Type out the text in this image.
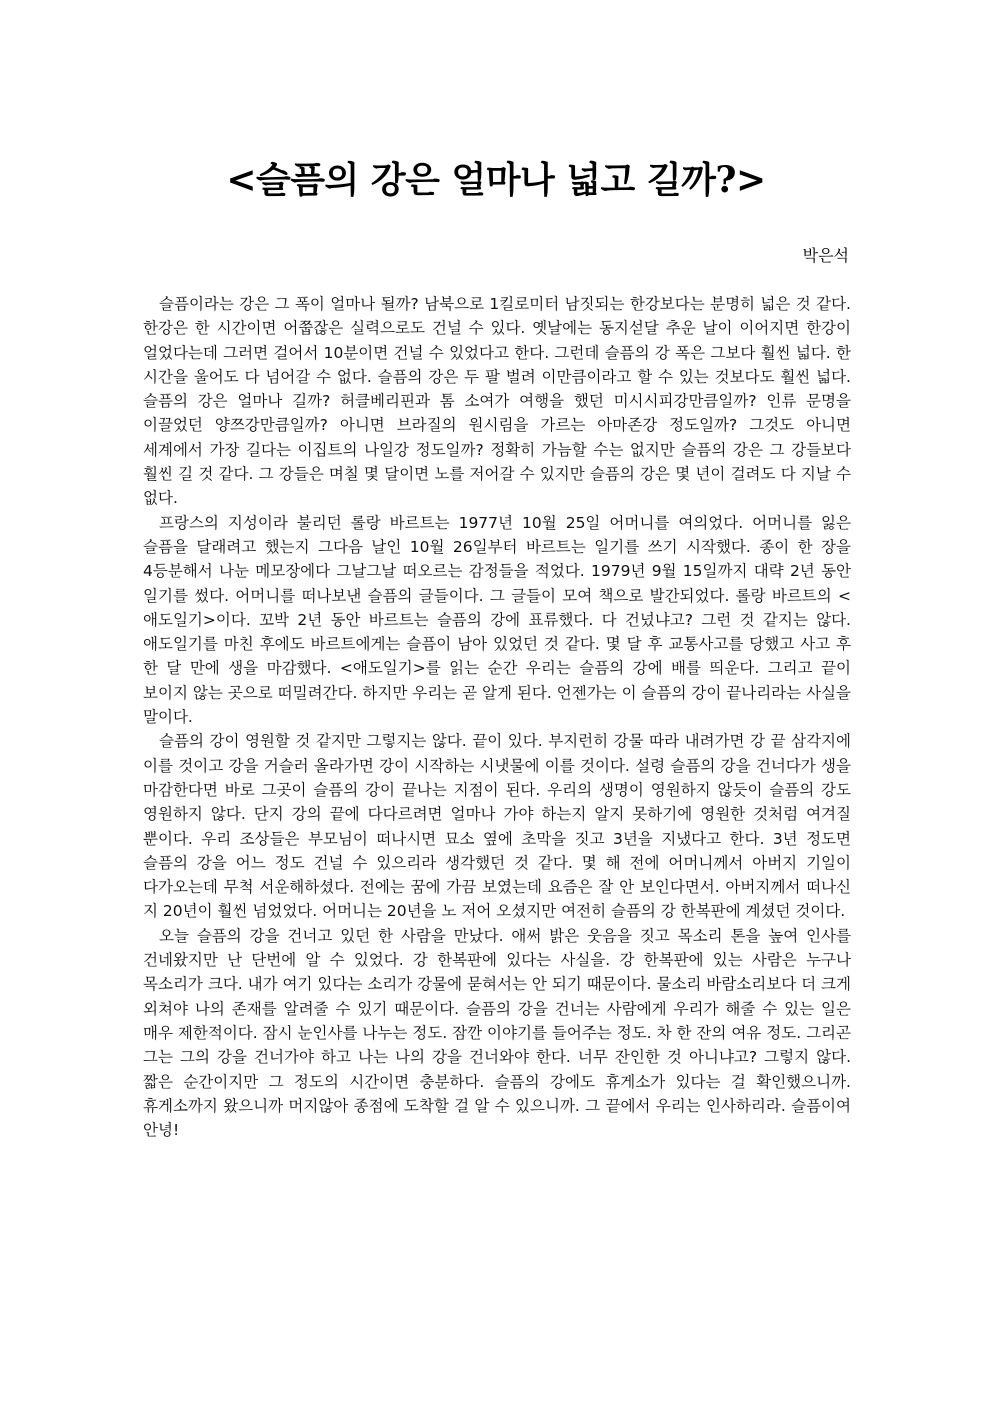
<슬픔의 강은 얼마나 넓고 길까?>
박은석

슬픔이라는 강은 그 폭이 얼마나 될까? 남북으로 1킬로미터 남짓되는 한강보다는 분명히 넓은 것 같다. 한강은 한 시간이면 어쭙잖은 실력으로도 건널 수 있다. 옛날에는 동지섣달 추운 날이 이어지면 한강이 얼었다는데 그러면 걸어서 10분이면 건널 수 있었다고 한다. 그런데 슬픔의 강 폭은 그보다 훨씬 넓다. 한 시간을 울어도 다 넘어갈 수 없다. 슬픔의 강은 두 팔 벌려 이만큼이라고 할 수 있는 것보다도 훨씬 넓다. 슬픔의 강은 얼마나 길까? 허클베리핀과 톰 소여가 여행을 했던 미시시피강만큼일까? 인류 문명을 이끌었던 양쯔강만큼일까? 아니면 브라질의 원시림을 가르는 아마존강 정도일까? 그것도 아니면 세계에서 가장 길다는 이집트의 나일강 정도일까? 정확히 가늠할 수는 없지만 슬픔의 강은 그 강들보다 훨씬 길 것 같다. 그 강들은 며칠 몇 달이면 노를 저어갈 수 있지만 슬픔의 강은 몇 년이 걸려도 다 지날 수 없다.

프랑스의 지성이라 불리던 롤랑 바르트는 1977년 10월 25일 어머니를 여의었다. 어머니를 잃은 슬픔을 달래려고 했는지 그다음 날인 10월 26일부터 바르트는 일기를 쓰기 시작했다. 종이 한 장을 4등분해서 나눈 메모장에다 그날그날 떠오르는 감정들을 적었다. 1979년 9월 15일까지 대략 2년 동안 일기를 썼다. 어머니를 떠나보낸 슬픔의 글들이다. 그 글들이 모여 책으로 발간되었다. 롤랑 바르트의 <애도일기>이다. 꼬박 2년 동안 바르트는 슬픔의 강에 표류했다. 다 건넜냐고? 그런 것 같지는 않다. 애도일기를 마친 후에도 바르트에게는 슬픔이 남아 있었던 것 같다. 몇 달 후 교통사고를 당했고 사고 후 한 달 만에 생을 마감했다. <애도일기>를 읽는 순간 우리는 슬픔의 강에 배를 띄운다. 그리고 끝이 보이지 않는 곳으로 떠밀려간다. 하지만 우리는 곧 알게 된다. 언젠가는 이 슬픔의 강이 끝나리라는 사실을 말이다.

슬픔의 강이 영원할 것 같지만 그렇지는 않다. 끝이 있다. 부지런히 강물 따라 내려가면 강 끝 삼각지에 이를 것이고 강을 거슬러 올라가면 강이 시작하는 시냇물에 이를 것이다. 설령 슬픔의 강을 건너다가 생을 마감한다면 바로 그곳이 슬픔의 강이 끝나는 지점이 된다. 우리의 생명이 영원하지 않듯이 슬픔의 강도 영원하지 않다. 단지 강의 끝에 다다르려면 얼마나 가야 하는지 알지 못하기에 영원한 것처럼 여겨질 뿐이다. 우리 조상들은 부모님이 떠나시면 묘소 옆에 초막을 짓고 3년을 지냈다고 한다. 3년 정도면 슬픔의 강을 어느 정도 건널 수 있으리라 생각했던 것 같다. 몇 해 전에 어머니께서 아버지 기일이 다가오는데 무척 서운해하셨다. 전에는 꿈에 가끔 보였는데 요즘은 잘 안 보인다면서. 아버지께서 떠나신 지 20년이 훨씬 넘었었다. 어머니는 20년을 노 저어 오셨지만 여전히 슬픔의 강 한복판에 계셨던 것이다.

오늘 슬픔의 강을 건너고 있던 한 사람을 만났다. 애써 밝은 웃음을 짓고 목소리 톤을 높여 인사를 건네왔지만 난 단번에 알 수 있었다. 강 한복판에 있다는 사실을. 강 한복판에 있는 사람은 누구나 목소리가 크다. 내가 여기 있다는 소리가 강물에 묻혀서는 안 되기 때문이다. 물소리 바람소리보다 더 크게 외쳐야 나의 존재를 알려줄 수 있기 때문이다. 슬픔의 강을 건너는 사람에게 우리가 해줄 수 있는 일은 매우 제한적이다. 잠시 눈인사를 나누는 정도. 잠깐 이야기를 들어주는 정도. 차 한 잔의 여유 정도. 그리곤 그는 그의 강을 건너가야 하고 나는 나의 강을 건너와야 한다. 너무 잔인한 것 아니냐고? 그렇지 않다. 짧은 순간이지만 그 정도의 시간이면 충분하다. 슬픔의 강에도 휴게소가 있다는 걸 확인했으니까. 휴게소까지 왔으니까 머지않아 종점에 도착할 걸 알 수 있으니까. 그 끝에서 우리는 인사하리라. 슬픔이여 안녕!
